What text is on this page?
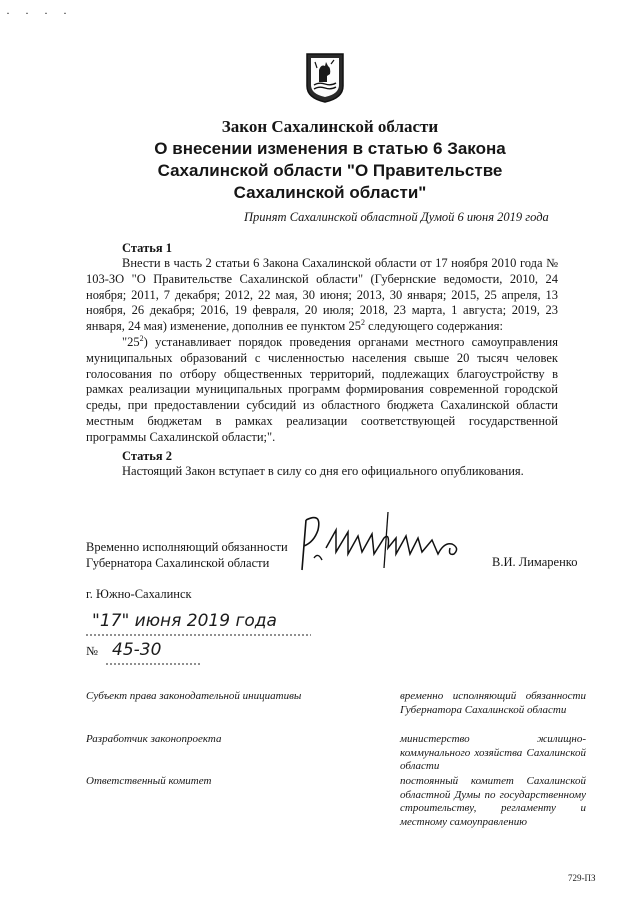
· · · ·
Закон Сахалинской области
О внесении изменения в статью 6 Закона
Сахалинской области "О Правительстве
Сахалинской области"
Принят Сахалинской областной Думой 6 июня 2019 года
Статья 1

Внести в часть 2 статьи 6 Закона Сахалинской области от 17 ноября 2010 года № 103-ЗО "О Правительстве Сахалинской области" (Губернские ведомости, 2010, 24 ноября; 2011, 7 декабря; 2012, 22 мая, 30 июня; 2013, 30 января; 2015, 25 апреля, 13 ноября, 26 декабря; 2016, 19 февраля, 20 июля; 2018, 23 марта, 1 августа; 2019, 23 января, 24 мая) изменение, дополнив ее пунктом $25^2$ следующего содержания:

"$25^2$) устанавливает порядок проведения органами местного самоуправления муниципальных образований с численностью населения свыше 20 тысяч человек голосования по отбору общественных территорий, подлежащих благоустройству в рамках реализации муниципальных программ формирования современной городской среды, при предоставлении субсидий из областного бюджета Сахалинской области местным бюджетам в рамках реализации соответствующей государственной программы Сахалинской области;".

Статья 2

Настоящий Закон вступает в силу со дня его официального опубликования.

Временно исполняющий обязанности
Губернатора Сахалинской области	В.И. Лимаренко
г. Южно-Сахалинск
"17" июня 2019 года
№ 45-30
Субъект права законодательной инициативы	временно исполняющий обязанности Губернатора Сахалинской области
Разработчик законопроекта	министерство жилищно-коммунального хозяйства Сахалинской области
Ответственный комитет	постоянный комитет Сахалинской областной Думы по государственному строительству, регламенту и местному самоуправлению
729-ПЗ
